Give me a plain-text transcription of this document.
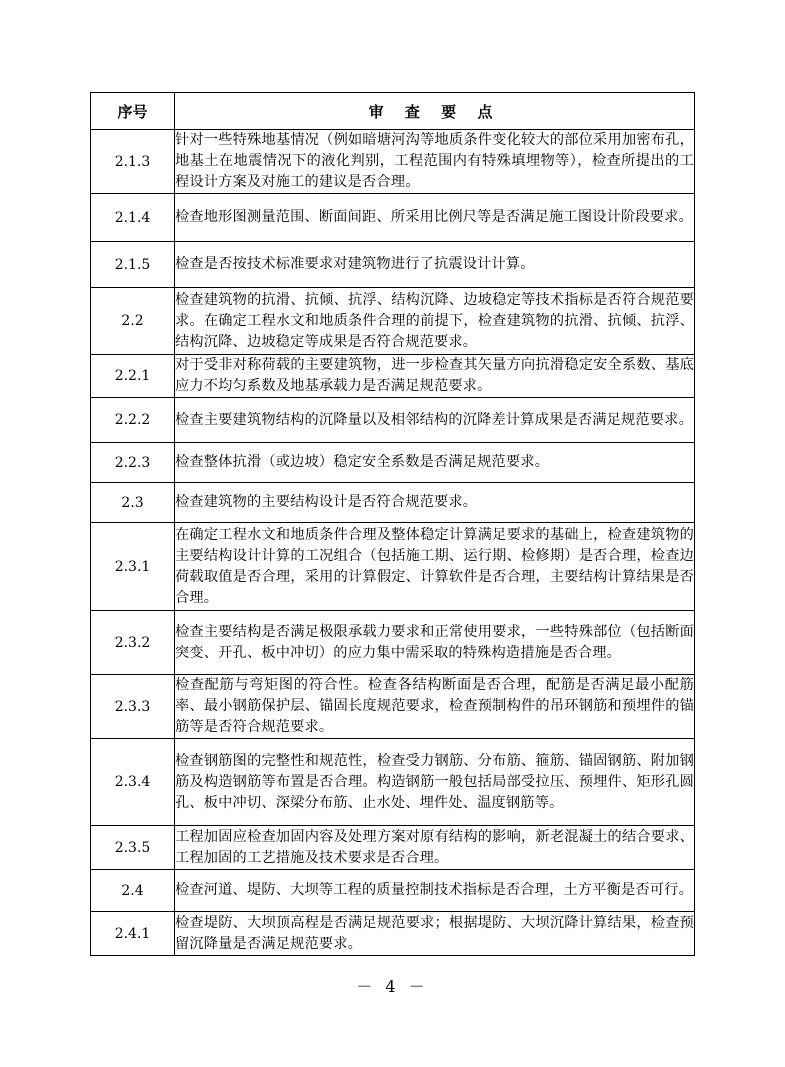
序号	审 查 要 点
2.1.3	针对一些特殊地基情况（例如暗塘河沟等地质条件变化较大的部位采用加密布孔，地基土在地震情况下的液化判别，工程范围内有特殊填埋物等），检查所提出的工程设计方案及对施工的建议是否合理。
2.1.4	检查地形图测量范围、断面间距、所采用比例尺等是否满足施工图设计阶段要求。
2.1.5	检查是否按技术标准要求对建筑物进行了抗震设计计算。
2.2	检查建筑物的抗滑、抗倾、抗浮、结构沉降、边坡稳定等技术指标是否符合规范要求。在确定工程水文和地质条件合理的前提下，检查建筑物的抗滑、抗倾、抗浮、结构沉降、边坡稳定等成果是否符合规范要求。
2.2.1	对于受非对称荷载的主要建筑物，进一步检查其矢量方向抗滑稳定安全系数、基底应力不均匀系数及地基承载力是否满足规范要求。
2.2.2	检查主要建筑物结构的沉降量以及相邻结构的沉降差计算成果是否满足规范要求。
2.2.3	检查整体抗滑（或边坡）稳定安全系数是否满足规范要求。
2.3	检查建筑物的主要结构设计是否符合规范要求。
2.3.1	在确定工程水文和地质条件合理及整体稳定计算满足要求的基础上，检查建筑物的主要结构设计计算的工况组合（包括施工期、运行期、检修期）是否合理，检查边荷载取值是否合理，采用的计算假定、计算软件是否合理，主要结构计算结果是否合理。
2.3.2	检查主要结构是否满足极限承载力要求和正常使用要求，一些特殊部位（包括断面突变、开孔、板中冲切）的应力集中需采取的特殊构造措施是否合理。
2.3.3	检查配筋与弯矩图的符合性。检查各结构断面是否合理，配筋是否满足最小配筋率、最小钢筋保护层、锚固长度规范要求，检查预制构件的吊环钢筋和预埋件的锚筋等是否符合规范要求。
2.3.4	检查钢筋图的完整性和规范性，检查受力钢筋、分布筋、箍筋、锚固钢筋、附加钢筋及构造钢筋等布置是否合理。构造钢筋一般包括局部受拉压、预埋件、矩形孔圆孔、板中冲切、深梁分布筋、止水处、埋件处、温度钢筋等。
2.3.5	工程加固应检查加固内容及处理方案对原有结构的影响，新老混凝土的结合要求、工程加固的工艺措施及技术要求是否合理。
2.4	检查河道、堤防、大坝等工程的质量控制技术指标是否合理，土方平衡是否可行。
2.4.1	检查堤防、大坝顶高程是否满足规范要求；根据堤防、大坝沉降计算结果，检查预留沉降量是否满足规范要求。
－ 4 －
